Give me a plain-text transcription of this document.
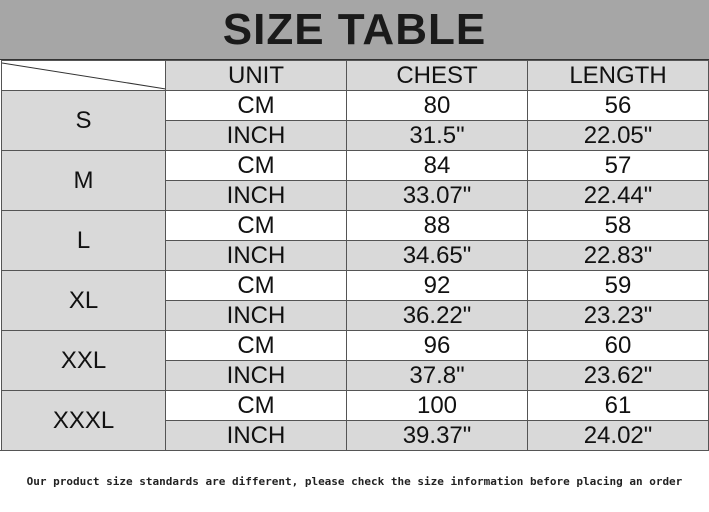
SIZE TABLE
	UNIT	CHEST	LENGTH
S	CM	80	56
	INCH	31.5"	22.05"
M	CM	84	57
	INCH	33.07"	22.44"
L	CM	88	58
	INCH	34.65"	22.83"
XL	CM	92	59
	INCH	36.22"	23.23"
XXL	CM	96	60
	INCH	37.8"	23.62"
XXXL	CM	100	61
	INCH	39.37"	24.02"
Our product size standards are different, please check the size information before placing an order
